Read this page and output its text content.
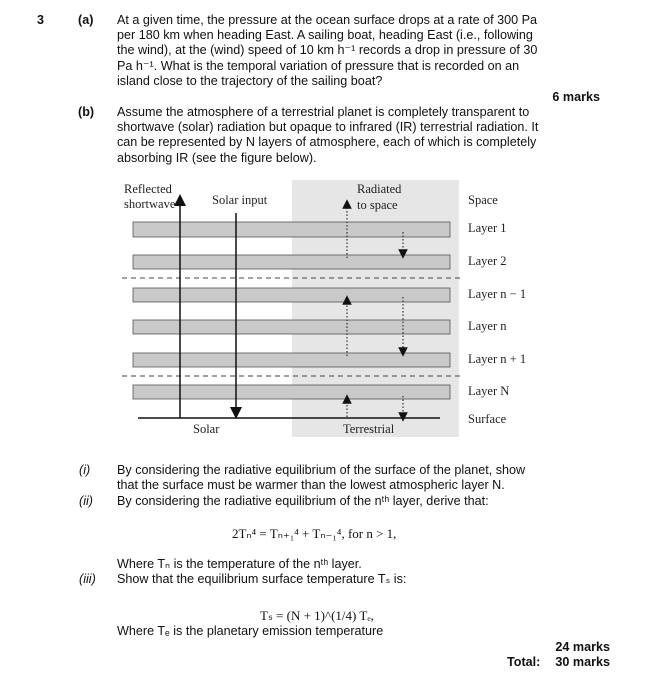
3	(a) At a given time, the pressure at the ocean surface drops at a rate of 300 Pa per 180 km when heading East. A sailing boat, heading East (i.e., following the wind), at the (wind) speed of 10 km h⁻¹ records a drop in pressure of 30 Pa h⁻¹. What is the temporal variation of pressure that is recorded on an island close to the trajectory of the sailing boat?
6 marks
(b) Assume the atmosphere of a terrestrial planet is completely transparent to shortwave (solar) radiation but opaque to infrared (IR) terrestrial radiation. It can be represented by N layers of atmosphere, each of which is completely absorbing IR (see the figure below).
Reflected
shortwave	Solar input
Radiated
to space	Space
Layer 1
Layer 2
Layer n − 1
Layer n
Layer n + 1
Layer N
Surface
Solar	Terrestrial
(i) By considering the radiative equilibrium of the surface of the planet, show that the surface must be warmer than the lowest atmospheric layer N.
(ii) By considering the radiative equilibrium of the nᵗʰ layer, derive that:
2Tₙ⁴ = Tₙ₊₁⁴ + Tₙ₋₁⁴, for n > 1,
Where Tₙ is the temperature of the nᵗʰ layer.
(iii) Show that the equilibrium surface temperature Tₛ is:
Tₛ = (N + 1)^(1/4) Tₑ,
Where Tₑ is the planetary emission temperature
24 marks
Total: 30 marks
